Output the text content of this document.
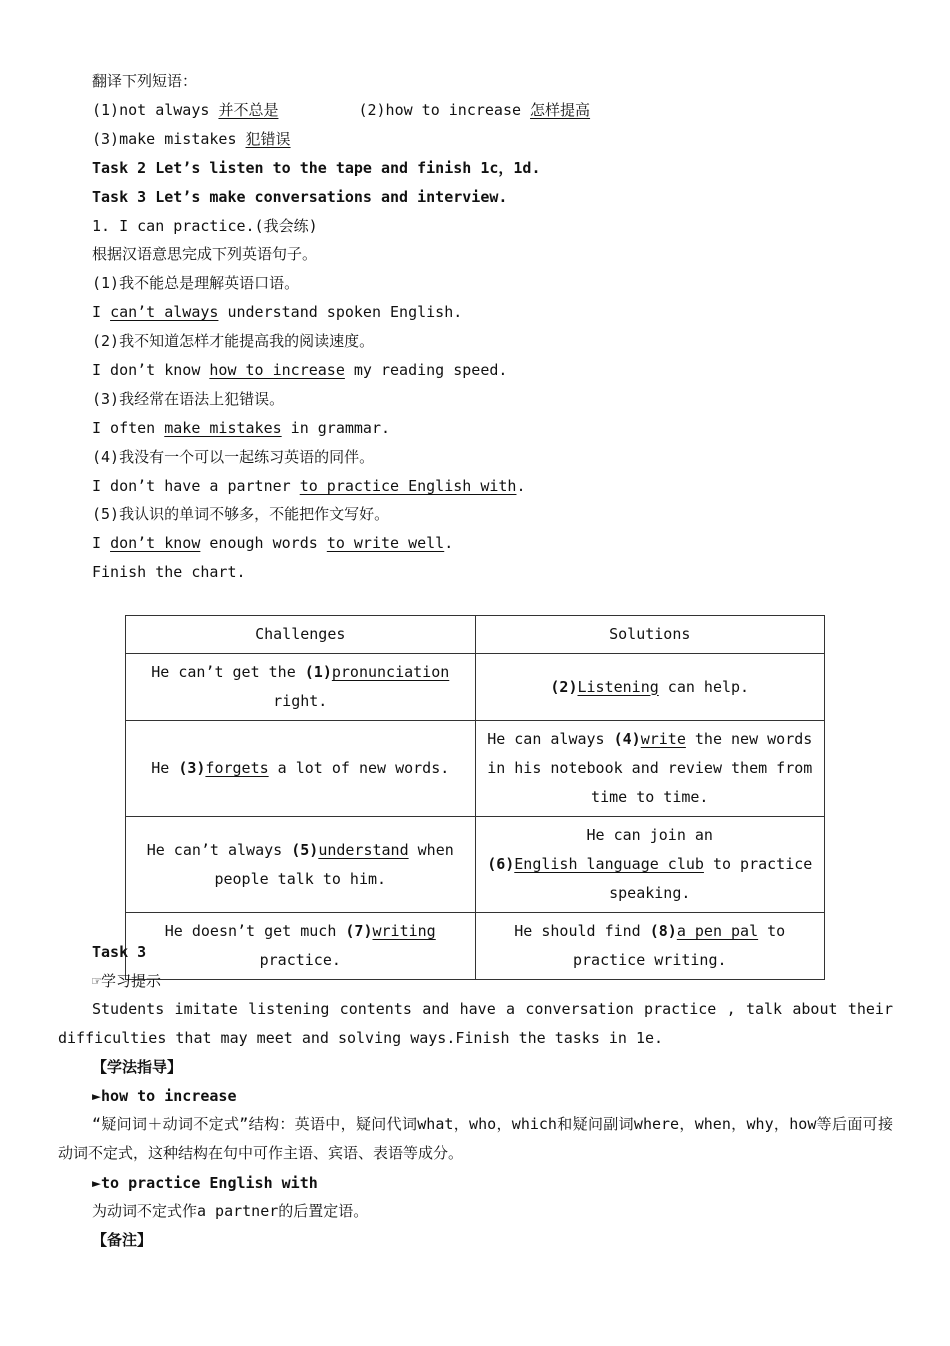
翻译下列短语：
(1)not always 并不总是	(2)how to increase 怎样提高
(3)make mistakes 犯错误
Task 2 Let’s listen to the tape and finish 1c，1d.
Task 3 Let’s make conversations and interview.
1. I can practice.(我会练)
根据汉语意思完成下列英语句子。
(1)我不能总是理解英语口语。
I can’t always understand spoken English.
(2)我不知道怎样才能提高我的阅读速度。
I don’t know how to increase my reading speed.
(3)我经常在语法上犯错误。
I often make mistakes in grammar.
(4)我没有一个可以一起练习英语的同伴。
I don’t have a partner to practice English with.
(5)我认识的单词不够多，不能把作文写好。
I don’t know enough words to write well.
Finish the chart.
Challenges	Solutions
He can’t get the (1)pronunciation right.	(2)Listening can help.
He (3)forgets a lot of new words.	He can always (4)write the new words in his notebook and review them from time to time.
He can’t always (5)understand when people talk to him.	He can join an
(6)English language club to practice speaking.
He doesn’t get much (7)writing practice.	He should find (8)a pen pal to practice writing.
Task 3
☞学习提示
Students imitate listening contents and have a conversation practice , talk about their difficulties that may meet and solving ways.Finish the tasks in 1e.
【学法指导】
►how to increase
“疑问词＋动词不定式”结构：英语中，疑问代词what，who，which和疑问副词where，when，why，how等后面可接动词不定式，这种结构在句中可作主语、宾语、表语等成分。
►to practice English with
为动词不定式作a partner的后置定语。
【备注】
